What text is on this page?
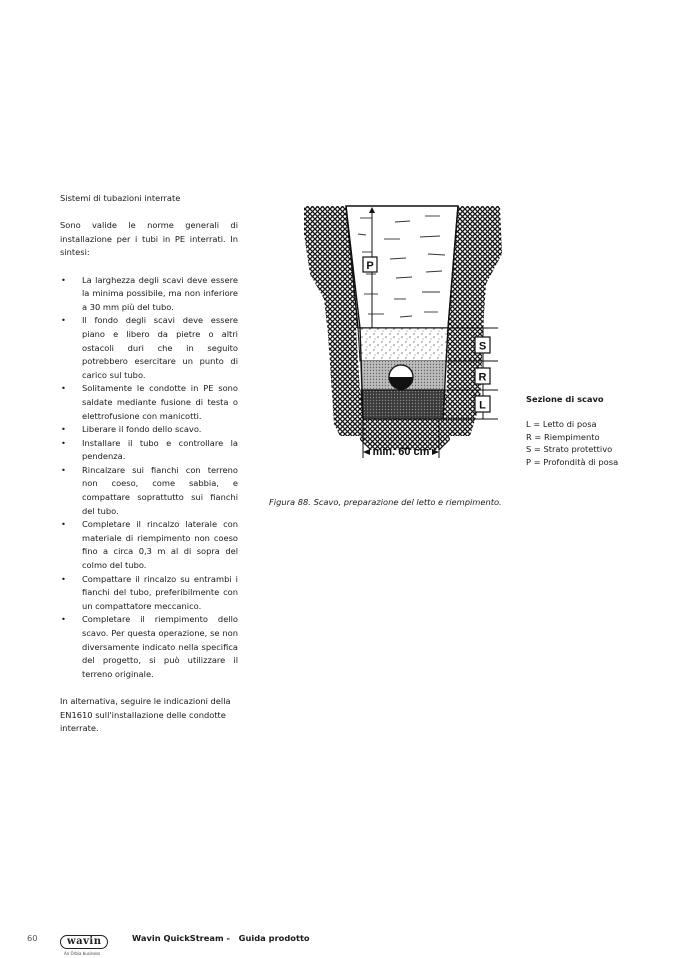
Sistemi di tubazioni interrate

Sono valide le norme generali di installazione per i tubi in PE interrati. In sintesi:

• La larghezza degli scavi deve essere la minima possibile, ma non inferiore a 30 mm più del tubo.
• Il fondo degli scavi deve essere piano e libero da pietre o altri ostacoli duri che in seguito potrebbero esercitare un punto di carico sul tubo.
• Solitamente le condotte in PE sono saldate mediante fusione di testa o elettrofusione con manicotti.
• Liberare il fondo dello scavo.
• Installare il tubo e controllare la pendenza.
• Rincalzare sui fianchi con terreno non coeso, come sabbia, e compattare soprattutto sui fianchi del tubo.
• Completare il rincalzo laterale con materiale di riempimento non coeso fino a circa 0,3 m al di sopra del colmo del tubo.
• Compattare il rincalzo su entrambi i fianchi del tubo, preferibilmente con un compattatore meccanico.
• Completare il riempimento dello scavo. Per questa operazione, se non diversamente indicato nella specifica del progetto, si può utilizzare il terreno originale.

In alternativa, seguire le indicazioni della EN1610 sull'installazione delle condotte interrate.

P
S
R
L
min. 60 cm
Figura 88. Scavo, preparazione del letto e riempimento.
Sezione di scavo
L = Letto di posa
R = Riempimento
S = Strato protettivo
P = Profondità di posa
60	wavin
An Orbia business
Wavin QuickStream -   Guida prodotto
